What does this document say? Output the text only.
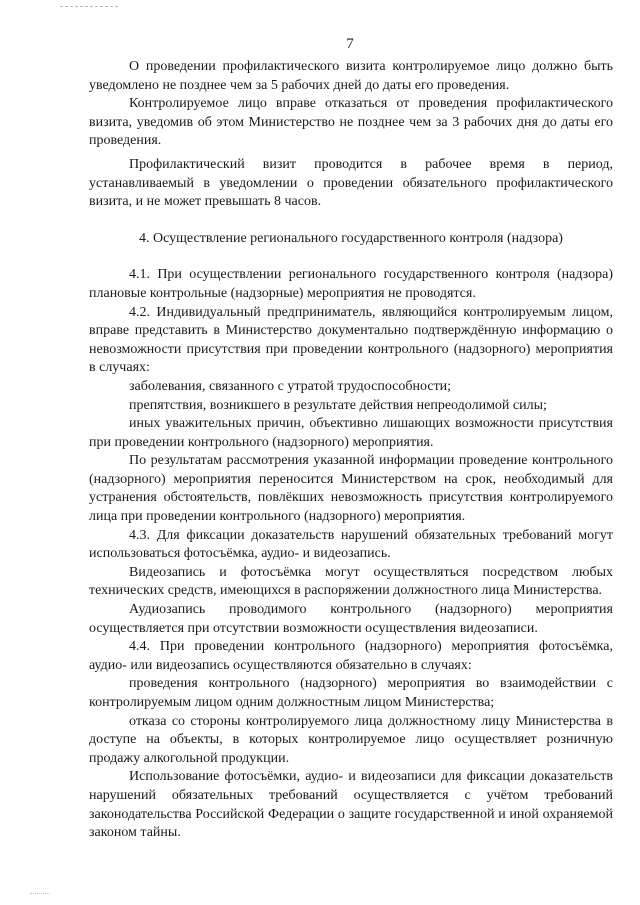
7

О проведении профилактического визита контролируемое лицо должно быть уведомлено не позднее чем за 5 рабочих дней до даты его проведения.

Контролируемое лицо вправе отказаться от проведения профилактического визита, уведомив об этом Министерство не позднее чем за 3 рабочих дня до даты его проведения.

Профилактический визит проводится в рабочее время в период, устанавливаемый в уведомлении о проведении обязательного профилактического визита, и не может превышать 8 часов.

4. Осуществление регионального государственного контроля (надзора)

4.1. При осуществлении регионального государственного контроля (надзора) плановые контрольные (надзорные) мероприятия не проводятся.

4.2. Индивидуальный предприниматель, являющийся контролируемым лицом, вправе представить в Министерство документально подтверждённую информацию о невозможности присутствия при проведении контрольного (надзорного) мероприятия в случаях:

заболевания, связанного с утратой трудоспособности;

препятствия, возникшего в результате действия непреодолимой силы;

иных уважительных причин, объективно лишающих возможности присутствия при проведении контрольного (надзорного) мероприятия.

По результатам рассмотрения указанной информации проведение контрольного (надзорного) мероприятия переносится Министерством на срок, необходимый для устранения обстоятельств, повлёкших невозможность присутствия контролируемого лица при проведении контрольного (надзорного) мероприятия.

4.3. Для фиксации доказательств нарушений обязательных требований могут использоваться фотосъёмка, аудио- и видеозапись.

Видеозапись и фотосъёмка могут осуществляться посредством любых технических средств, имеющихся в распоряжении должностного лица Министерства.

Аудиозапись проводимого контрольного (надзорного) мероприятия осуществляется при отсутствии возможности осуществления видеозаписи.

4.4. При проведении контрольного (надзорного) мероприятия фотосъёмка, аудио- или видеозапись осуществляются обязательно в случаях:

проведения контрольного (надзорного) мероприятия во взаимодействии с контролируемым лицом одним должностным лицом Министерства;

отказа со стороны контролируемого лица должностному лицу Министерства в доступе на объекты, в которых контролируемое лицо осуществляет розничную продажу алкогольной продукции.

Использование фотосъёмки, аудио- и видеозаписи для фиксации доказательств нарушений обязательных требований осуществляется с учётом требований законодательства Российской Федерации о защите государственной и иной охраняемой законом тайны.
